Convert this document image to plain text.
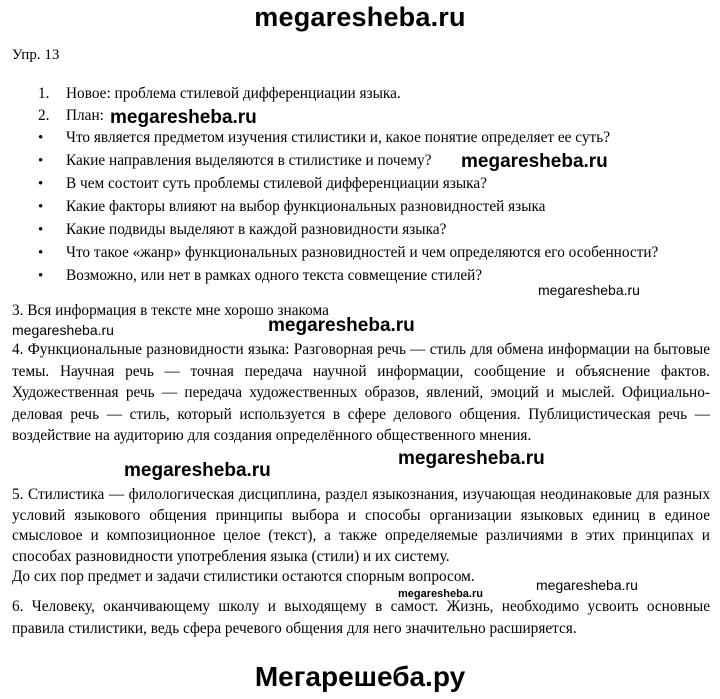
megaresheba.ru
Упр. 13
1.	Новое: проблема стилевой дифференциации языка.
2.	План:
•	Что является предметом изучения стилистики и, какое понятие определяет ее суть?
•	Какие направления выделяются в стилистике и почему?
•	В чем состоит суть проблемы стилевой дифференциации языка?
•	Какие факторы влияют на выбор функциональных разновидностей языка
•	Какие подвиды выделяют в каждой разновидности языка?
•	Что такое «жанр» функциональных разновидностей и чем определяются его особенности?
•	Возможно, или нет в рамках одного текста совмещение стилей?
3. Вся информация в тексте мне хорошо знакома
4. Функциональные разновидности языка: Разговорная речь — стиль для обмена информации на бытовые темы. Научная речь — точная передача научной информации, сообщение и объяснение фактов. Художественная речь — передача художественных образов, явлений, эмоций и мыслей. Официально-деловая речь — стиль, который используется в сфере делового общения. Публицистическая речь — воздействие на аудиторию для создания определённого общественного мнения.
5. Стилистика — филологическая дисциплина, раздел языкознания, изучающая неодинаковые для разных условий языкового общения принципы выбора и способы организации языковых единиц в единое смысловое и композиционное целое (текст), а также определяемые различиями в этих принципах и способах разновидности употребления языка (стили) и их систему.
До сих пор предмет и задачи стилистики остаются спорным вопросом.
6. Человеку, оканчивающему школу и выходящему в самост. Жизнь, необходимо усвоить основные правила стилистики, ведь сфера речевого общения для него значительно расширяется.
megaresheba.ru
megaresheba.ru
megaresheba.ru
megaresheba.ru	megaresheba.ru
megaresheba.ru
megaresheba.ru
megaresheba.ru
megaresheba.ru
Мегарешеба.ру
